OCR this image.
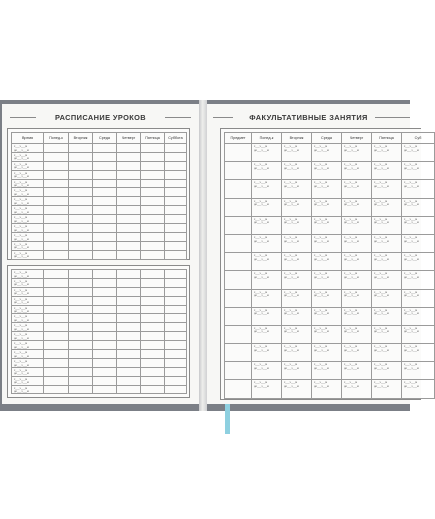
РАСПИСАНИЕ УРОКОВ
Время	Понед-к	Вторник	Среда	Четверг	Пятница	Суббота

с___ч___м
до___ч___м						

с___ч___м
до___ч___м						

с___ч___м
до___ч___м						

с___ч___м
до___ч___м						

с___ч___м
до___ч___м						

с___ч___м
до___ч___м						

с___ч___м
до___ч___м						

с___ч___м
до___ч___м						

с___ч___м
до___ч___м						

с___ч___м
до___ч___м						

с___ч___м
до___ч___м						

с___ч___м
до___ч___м						

с___ч___м
до___ч___м						

с___ч___м
до___ч___м						

с___ч___м
до___ч___м						

с___ч___м
до___ч___м						

с___ч___м
до___ч___м						

с___ч___м
до___ч___м						

с___ч___м
до___ч___м						

с___ч___м
до___ч___м						

с___ч___м
до___ч___м						

с___ч___м
до___ч___м						

с___ч___м
до___ч___м						

с___ч___м
до___ч___м						

с___ч___м
до___ч___м						

с___ч___м
до___ч___м						

с___ч___м
до___ч___м						

ФАКУЛЬТАТИВНЫЕ ЗАНЯТИЯ
Предмет	Понед-к	Вторник	Среда	Четверг	Пятница	Суб

	с___ч___м
до___ч___м	с___ч___м
до___ч___м	с___ч___м
до___ч___м	с___ч___м
до___ч___м	с___ч___м
до___ч___м	с___ч___м
до___ч___м

	с___ч___м
до___ч___м	с___ч___м
до___ч___м	с___ч___м
до___ч___м	с___ч___м
до___ч___м	с___ч___м
до___ч___м	с___ч___м
до___ч___м

	с___ч___м
до___ч___м	с___ч___м
до___ч___м	с___ч___м
до___ч___м	с___ч___м
до___ч___м	с___ч___м
до___ч___м	с___ч___м
до___ч___м

	с___ч___м
до___ч___м	с___ч___м
до___ч___м	с___ч___м
до___ч___м	с___ч___м
до___ч___м	с___ч___м
до___ч___м	с___ч___м
до___ч___м

	с___ч___м
до___ч___м	с___ч___м
до___ч___м	с___ч___м
до___ч___м	с___ч___м
до___ч___м	с___ч___м
до___ч___м	с___ч___м
до___ч___м

	с___ч___м
до___ч___м	с___ч___м
до___ч___м	с___ч___м
до___ч___м	с___ч___м
до___ч___м	с___ч___м
до___ч___м	с___ч___м
до___ч___м

	с___ч___м
до___ч___м	с___ч___м
до___ч___м	с___ч___м
до___ч___м	с___ч___м
до___ч___м	с___ч___м
до___ч___м	с___ч___м
до___ч___м

	с___ч___м
до___ч___м	с___ч___м
до___ч___м	с___ч___м
до___ч___м	с___ч___м
до___ч___м	с___ч___м
до___ч___м	с___ч___м
до___ч___м

	с___ч___м
до___ч___м	с___ч___м
до___ч___м	с___ч___м
до___ч___м	с___ч___м
до___ч___м	с___ч___м
до___ч___м	с___ч___м
до___ч___м

	с___ч___м
до___ч___м	с___ч___м
до___ч___м	с___ч___м
до___ч___м	с___ч___м
до___ч___м	с___ч___м
до___ч___м	с___ч___м
до___ч___м

	с___ч___м
до___ч___м	с___ч___м
до___ч___м	с___ч___м
до___ч___м	с___ч___м
до___ч___м	с___ч___м
до___ч___м	с___ч___м
до___ч___м

	с___ч___м
до___ч___м	с___ч___м
до___ч___м	с___ч___м
до___ч___м	с___ч___м
до___ч___м	с___ч___м
до___ч___м	с___ч___м
до___ч___м

	с___ч___м
до___ч___м	с___ч___м
до___ч___м	с___ч___м
до___ч___м	с___ч___м
до___ч___м	с___ч___м
до___ч___м	с___ч___м
до___ч___м

	с___ч___м
до___ч___м	с___ч___м
до___ч___м	с___ч___м
до___ч___м	с___ч___м
до___ч___м	с___ч___м
до___ч___м	с___ч___м
до___ч___м
